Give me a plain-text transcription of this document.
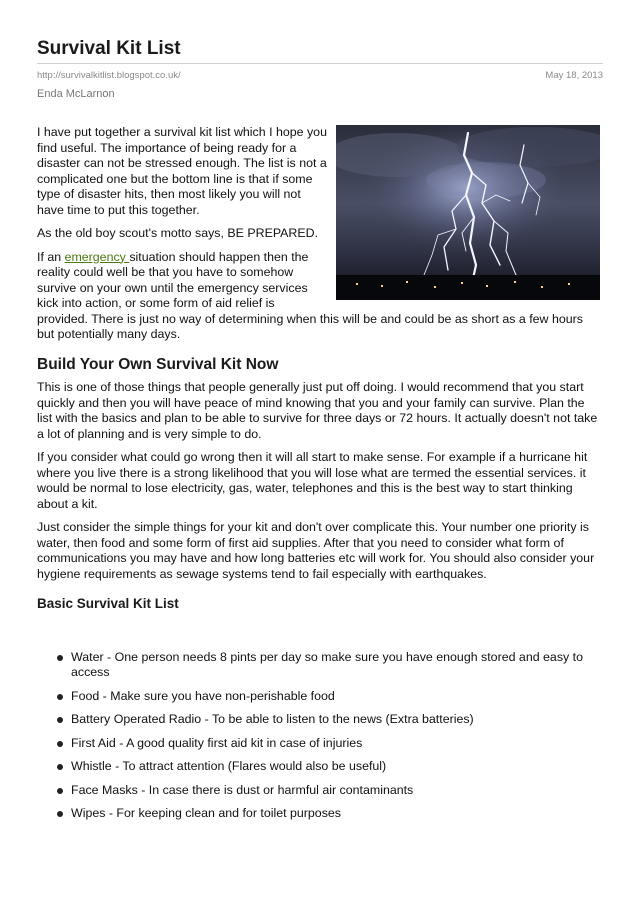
Survival Kit List
http://survivalkitlist.blogspot.co.uk/	May 18, 2013
Enda McLarnon

I have put together a survival kit list which I hope you find useful. The importance of being ready for a disaster can not be stressed enough. The list is not a complicated one but the bottom line is that if some type of disaster hits, then most likely you will not have time to put this together.

As the old boy scout's motto says, BE PREPARED.

If an emergency situation should happen then the reality could well be that you have to somehow survive on your own until the emergency services kick into action, or some form of aid relief is provided. There is just no way of determining when this will be and could be as short as a few hours but potentially many days.

Build Your Own Survival Kit Now

This is one of those things that people generally just put off doing. I would recommend that you start quickly and then you will have peace of mind knowing that you and your family can survive. Plan the list with the basics and plan to be able to survive for three days or 72 hours. It actually doesn't not take a lot of planning and is very simple to do.

If you consider what could go wrong then it will all start to make sense. For example if a hurricane hit where you live there is a strong likelihood that you will lose what are termed the essential services. it would be normal to lose electricity, gas, water, telephones and this is the best way to start thinking about a kit.

Just consider the simple things for your kit and don't over complicate this. Your number one priority is water, then food and some form of first aid supplies. After that you need to consider what form of communications you may have and how long batteries etc will work for. You should also consider your hygiene requirements as sewage systems tend to fail especially with earthquakes.

Basic Survival Kit List
Water - One person needs 8 pints per day so make sure you have enough stored and easy to access
Food - Make sure you have non-perishable food
Battery Operated Radio - To be able to listen to the news (Extra batteries)
First Aid - A good quality first aid kit in case of injuries
Whistle - To attract attention (Flares would also be useful)
Face Masks - In case there is dust or harmful air contaminants
Wipes - For keeping clean and for toilet purposes
